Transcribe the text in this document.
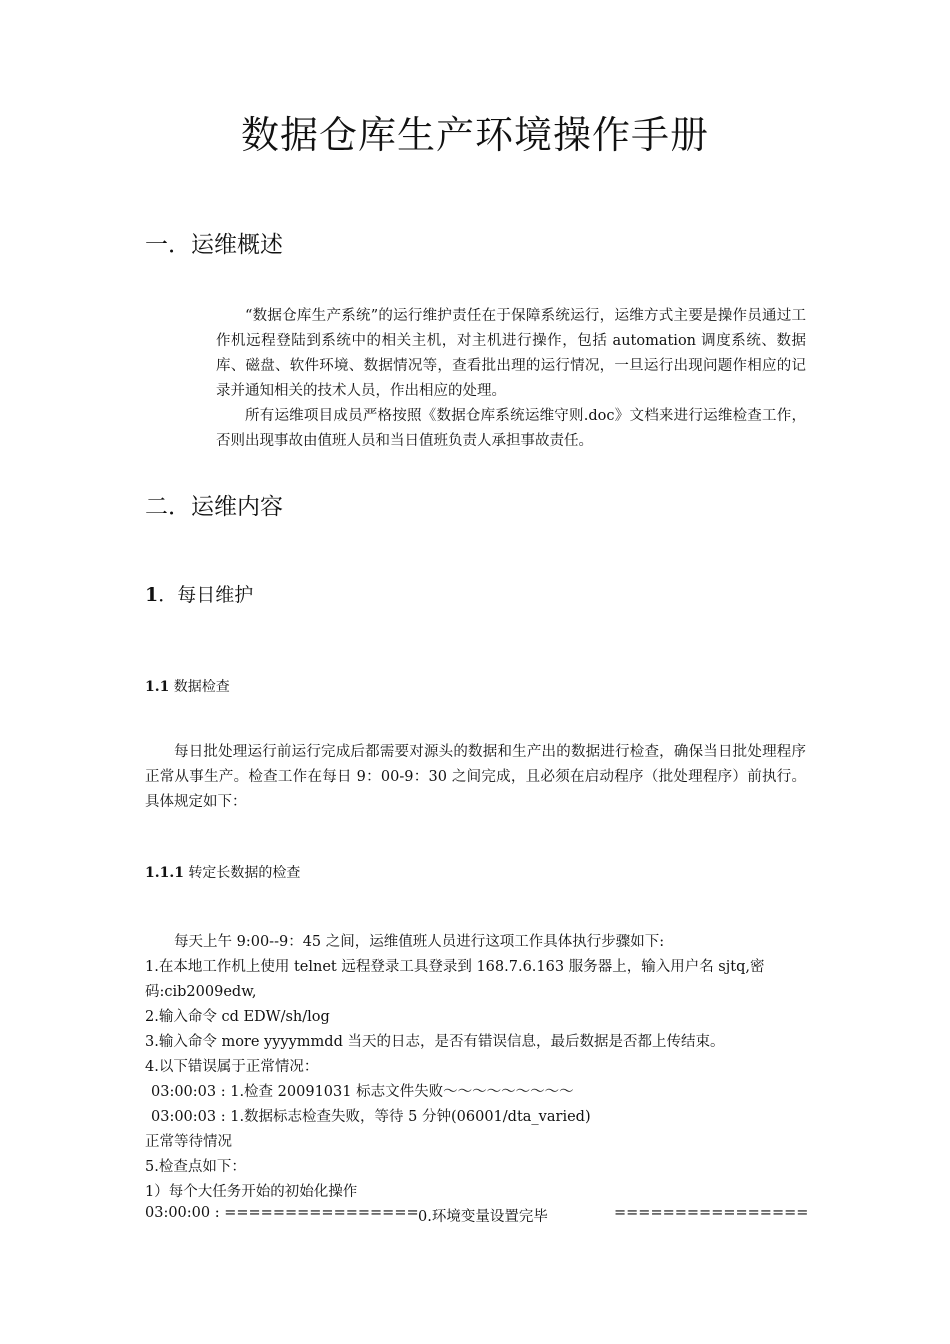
数据仓库生产环境操作手册
一．运维概述

“数据仓库生产系统”的运行维护责任在于保障系统运行，运维方式主要是操作员通过工作机远程登陆到系统中的相关主机，对主机进行操作，包括 automation 调度系统、数据库、磁盘、软件环境、数据情况等，查看批出理的运行情况，一旦运行出现问题作相应的记录并通知相关的技术人员，作出相应的处理。

所有运维项目成员严格按照《数据仓库系统运维守则.doc》文档来进行运维检查工作，否则出现事故由值班人员和当日值班负责人承担事故责任。

二．运维内容
1．每日维护
1.1 数据检查

每日批处理运行前运行完成后都需要对源头的数据和生产出的数据进行检查，确保当日批处理程序正常从事生产。检查工作在每日 9：00-9：30 之间完成，且必须在启动程序（批处理程序）前执行。具体规定如下：

1.1.1 转定长数据的检查

每天上午 9:00--9：45 之间，运维值班人员进行这项工作具体执行步骤如下:

1.在本地工作机上使用 telnet 远程登录工具登录到 168.7.6.163 服务器上，输入用户名 sjtq,密

码:cib2009edw,

2.输入命令 cd EDW/sh/log

3.输入命令 more yyyymmdd 当天的日志，是否有错误信息，最后数据是否都上传结束。

4.以下错误属于正常情况：

03:00:03 : 1.检查 20091031 标志文件失败～～～～～～～～～

03:00:03 : 1.数据标志检查失败，等待 5 分钟(06001/dta_varied)

正常等待情况

5.检查点如下：

1）每个大任务开始的初始化操作

03:00:00 : ================ 0.环境变量设置完毕	================
